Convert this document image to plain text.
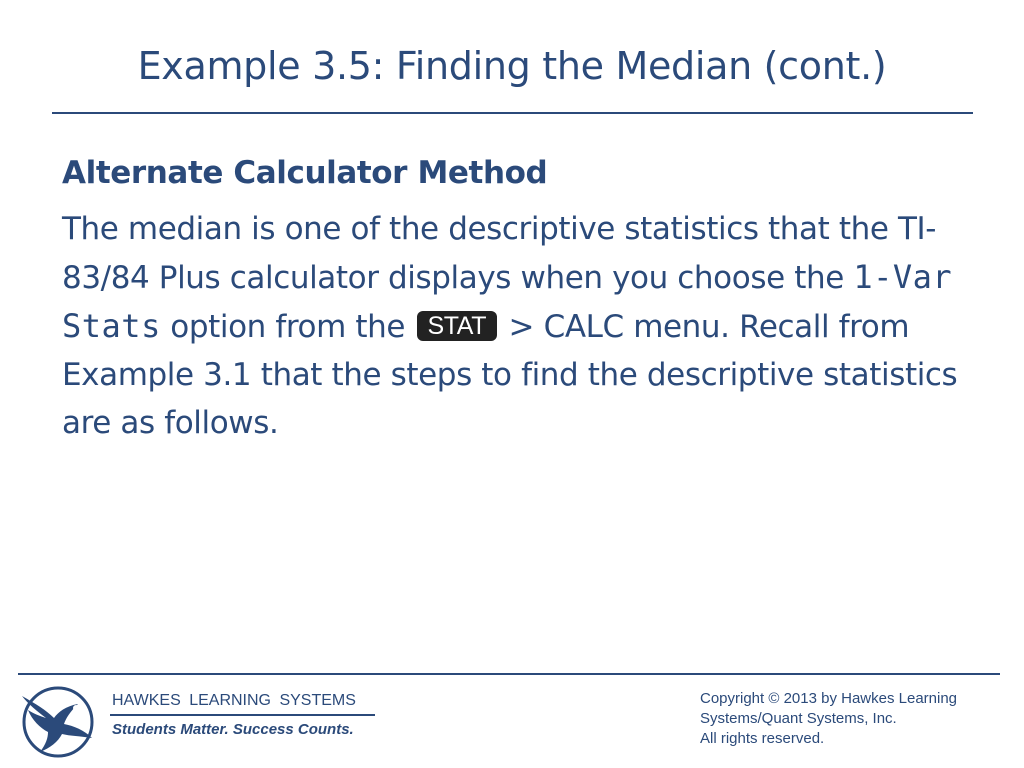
Example 3.5: Finding the Median (cont.)
Alternate Calculator Method
The median is one of the descriptive statistics that the TI-83/84 Plus calculator displays when you choose the 1-Var Stats option from the STAT > CALC menu. Recall from Example 3.1 that the steps to find the descriptive statistics are as follows.
HAWKES LEARNING SYSTEMS
Students Matter. Success Counts.
Copyright © 2013 by Hawkes Learning
Systems/Quant Systems, Inc.
All rights reserved.
